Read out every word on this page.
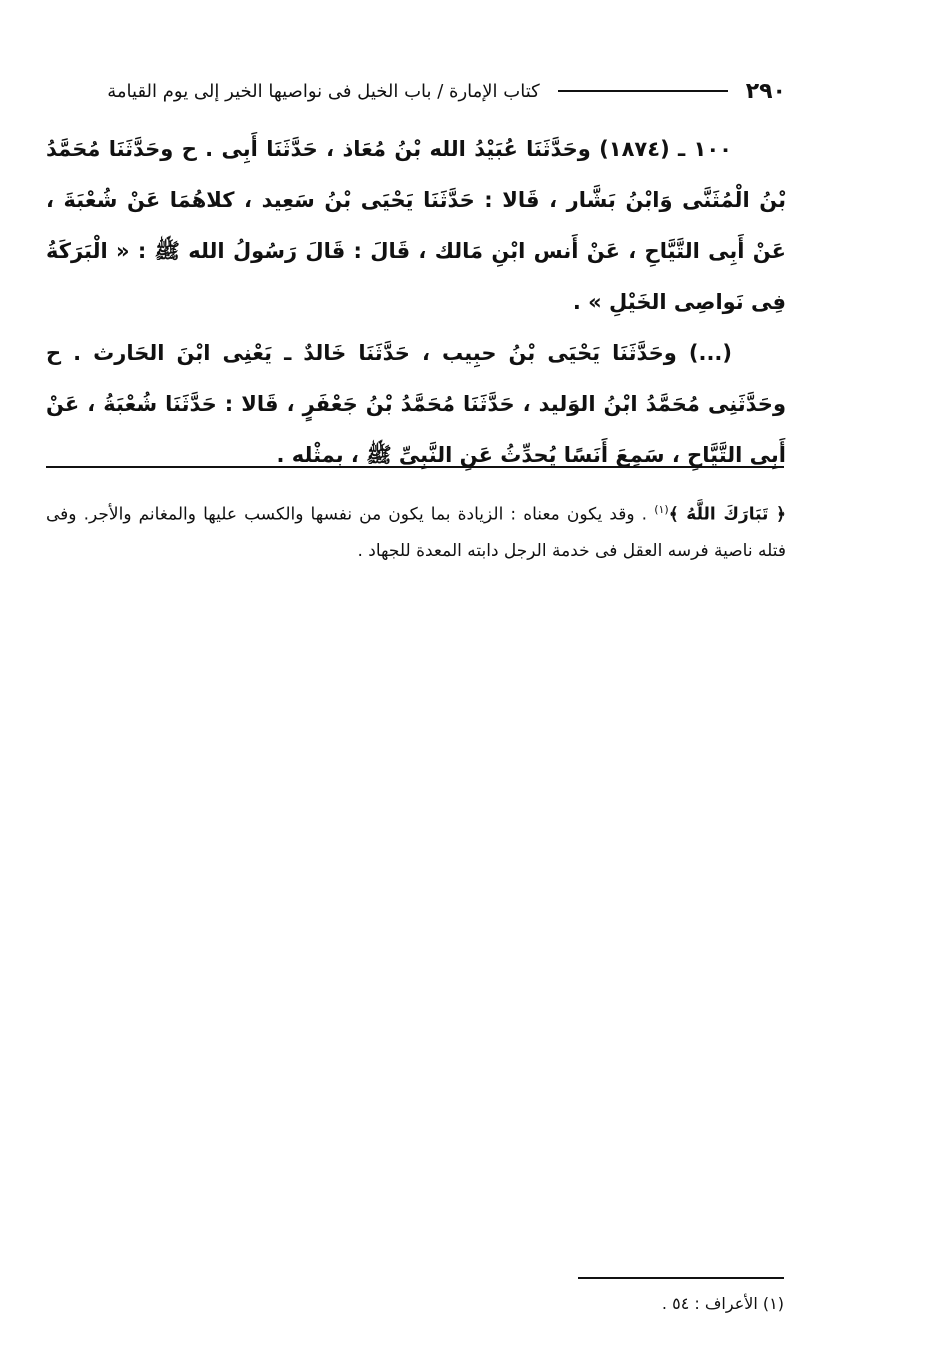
٢٩٠
كتاب الإمارة / باب الخيل فى نواصيها الخير إلى يوم القيامة

١٠٠ ـ (١٨٧٤) وحَدَّثَنَا عُبَيْدُ الله بْنُ مُعَاذ ، حَدَّثَنَا أَبِى . ح وحَدَّثَنَا مُحَمَّدُ بْنُ الْمُثَنَّى وَابْنُ بَشَّار ، قَالا : حَدَّثَنَا يَحْيَى بْنُ سَعِيد ، كلاهُمَا عَنْ شُعْبَةَ ، عَنْ أَبِى التَّيَّاحِ ، عَنْ أَنس ابْنِ مَالك ، قَالَ : قَالَ رَسُولُ الله ﷺ : « الْبَرَكَةُ فِى نَواصِى الخَيْلِ » .

(...) وحَدَّثَنَا يَحْيَى بْنُ حبِيب ، حَدَّثَنَا خَالدٌ ـ يَعْنِى ابْنَ الحَارث . ح وحَدَّثَنِى مُحَمَّدُ ابْنُ الوَليد ، حَدَّثَنَا مُحَمَّدُ بْنُ جَعْفَرٍ ، قَالا : حَدَّثَنَا شُعْبَةُ ، عَنْ أَبِى التَّيَّاحِ ، سَمِعَ أَنَسًا يُحدِّثُ عَنِ النَّبِىِّ ﷺ ، بمثْله .

﴿ تَبَارَكَ اللَّهُ ﴾$^{(١)}$ . وقد يكون معناه : الزيادة بما يكون من نفسها والكسب عليها والمغانم والأجر. وفى فتله ناصية فرسه العقل فى خدمة الرجل دابته المعدة للجهاد .

(١) الأعراف : ٥٤ .
